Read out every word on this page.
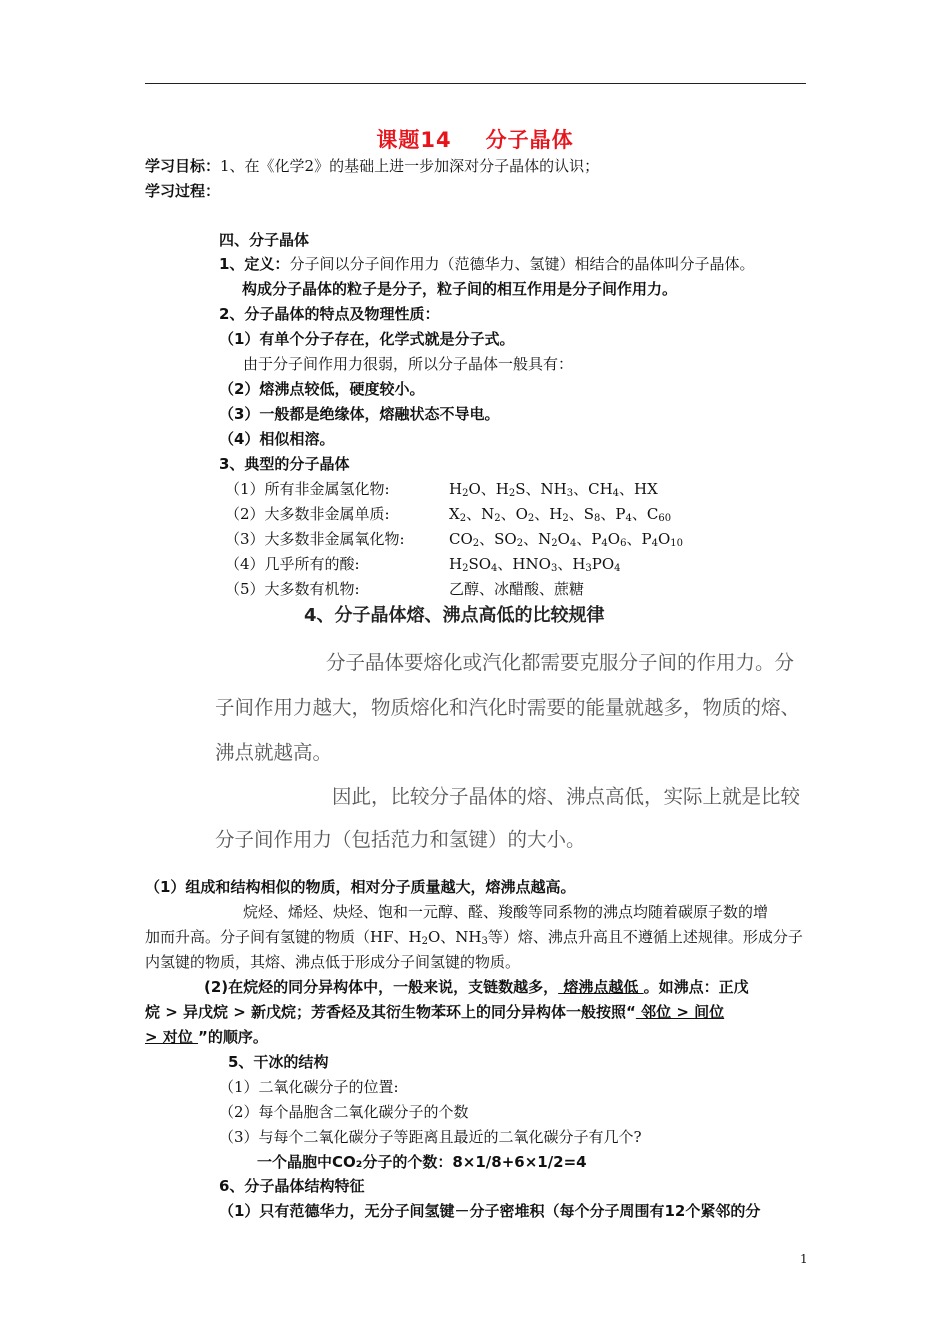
课题14 分子晶体
学习目标：1、在《化学2》的基础上进一步加深对分子晶体的认识；
学习过程：
四、分子晶体
1、定义：分子间以分子间作用力（范德华力、氢键）相结合的晶体叫分子晶体。
构成分子晶体的粒子是分子，粒子间的相互作用是分子间作用力。
2、分子晶体的特点及物理性质：
（1）有单个分子存在，化学式就是分子式。
由于分子间作用力很弱，所以分子晶体一般具有：
（2）熔沸点较低，硬度较小。
（3）一般都是绝缘体，熔融状态不导电。
（4）相似相溶。
3、典型的分子晶体
（1）所有非金属氢化物:	$H_2O$、$H_2S$、$NH_3$、$CH_4$、HX
（2）大多数非金属单质:	$X_2$、$N_2$、$O_2$、$H_2$、$S_8$、$P_4$、$C_{60}$
（3）大多数非金属氧化物:	$CO_2$、$SO_2$、$N_2O_4$、$P_4O_6$、$P_4O_{10}$
（4）几乎所有的酸:	$H_2SO_4$、$HNO_3$、$H_3PO_4$
（5）大多数有机物:	乙醇、冰醋酸、蔗糖
4、分子晶体熔、沸点高低的比较规律
分子晶体要熔化或汽化都需要克服分子间的作用力。分
子间作用力越大，物质熔化和汽化时需要的能量就越多，物质的熔、
沸点就越高。
因此，比较分子晶体的熔、沸点高低，实际上就是比较
分子间作用力（包括范力和氢键）的大小。
（1）组成和结构相似的物质，相对分子质量越大，熔沸点越高。
烷烃、烯烃、炔烃、饱和一元醇、醛、羧酸等同系物的沸点均随着碳原子数的增
加而升高。分子间有氢键的物质（HF、$H_2O$、$NH_3$等）熔、沸点升高且不遵循上述规律。形成分子
内氢键的物质，其熔、沸点低于形成分子间氢键的物质。
(2)在烷烃的同分异构体中，一般来说，支链数越多， 熔沸点越低 。如沸点：正戊
烷 > 异戊烷 > 新戊烷；芳香烃及其衍生物苯环上的同分异构体一般按照“ 邻位 > 间位
> 对位 ”的顺序。
5、干冰的结构
（1）二氧化碳分子的位置:
（2）每个晶胞含二氧化碳分子的个数
（3）与每个二氧化碳分子等距离且最近的二氧化碳分子有几个?
一个晶胞中CO₂分子的个数：8×1/8+6×1/2=4
6、分子晶体结构特征
（1）只有范德华力，无分子间氢键－分子密堆积（每个分子周围有12个紧邻的分
1
